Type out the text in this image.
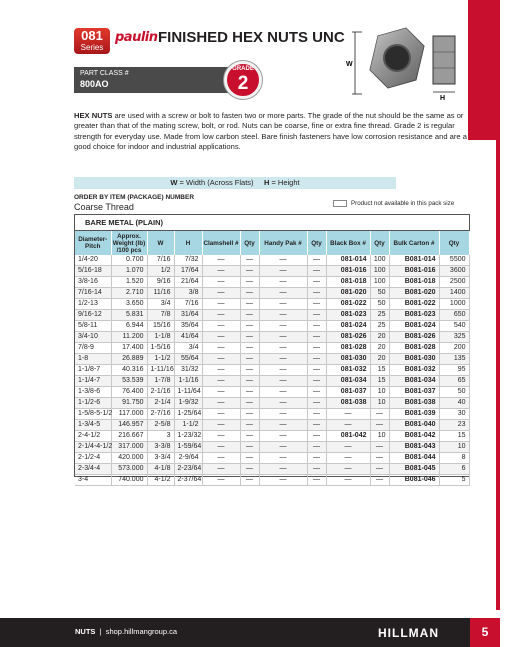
NUTS
081
Series
paulin FINISHED HEX NUTS UNC
PART CLASS #
800AO
GRADE
2
W
H

HEX NUTS are used with a screw or bolt to fasten two or more parts. The grade of the nut should be the same as or greater than that of the mating screw, bolt, or rod. Nuts can be coarse, fine or extra fine thread. Grade 2 is regular strength for everyday use. Made from low carbon steel. Bare finish fasteners have low corrosion resistance and are a good choice for indoor and industrial applications.

W = Width (Across Flats) H = Height
ORDER BY ITEM (PACKAGE) NUMBER
Coarse Thread	Product not available in this pack size
BARE METAL (PLAIN)
Diameter-Pitch	Approx. Weight (lb) /100 pcs	W	H	Clamshell #	Qty	Handy Pak #	Qty	Black Box #	Qty	Bulk Carton #	Qty
1/4-20	0.700	7/16	7/32	—	—	—	—	081-014	100	B081-014	5500
5/16-18	1.070	1/2	17/64	—	—	—	—	081-016	100	B081-016	3600
3/8-16	1.520	9/16	21/64	—	—	—	—	081-018	100	B081-018	2500
7/16-14	2.710	11/16	3/8	—	—	—	—	081-020	50	B081-020	1400
1/2-13	3.650	3/4	7/16	—	—	—	—	081-022	50	B081-022	1000
9/16-12	5.831	7/8	31/64	—	—	—	—	081-023	25	B081-023	650
5/8-11	6.944	15/16	35/64	—	—	—	—	081-024	25	B081-024	540
3/4-10	11.200	1-1/8	41/64	—	—	—	—	081-026	20	B081-026	325
7/8-9	17.400	1-5/16	3/4	—	—	—	—	081-028	20	B081-028	200
1-8	26.889	1-1/2	55/64	—	—	—	—	081-030	20	B081-030	135
1-1/8-7	40.316	1-11/16	31/32	—	—	—	—	081-032	15	B081-032	95
1-1/4-7	53.539	1-7/8	1-1/16	—	—	—	—	081-034	15	B081-034	65
1-3/8-6	76.400	2-1/16	1-11/64	—	—	—	—	081-037	10	B081-037	50
1-1/2-6	91.750	2-1/4	1-9/32	—	—	—	—	081-038	10	B081-038	40
1-5/8-5-1/2	117.000	2-7/16	1-25/64	—	—	—	—	—	—	B081-039	30
1-3/4-5	146.957	2-5/8	1-1/2	—	—	—	—	—	—	B081-040	23
2-4-1/2	216.667	3	1-23/32	—	—	—	—	081-042	10	B081-042	15
2-1/4-4-1/2	317.000	3-3/8	1-59/64	—	—	—	—	—	—	B081-043	10
2-1/2-4	420.000	3-3/4	2-9/64	—	—	—	—	—	—	B081-044	8
2-3/4-4	573.000	4-1/8	2-23/64	—	—	—	—	—	—	B081-045	6
3-4	740.000	4-1/2	2-37/64	—	—	—	—	—	—	B081-046	5
NUTS | shop.hillmangroup.ca	HILLMAN	5
